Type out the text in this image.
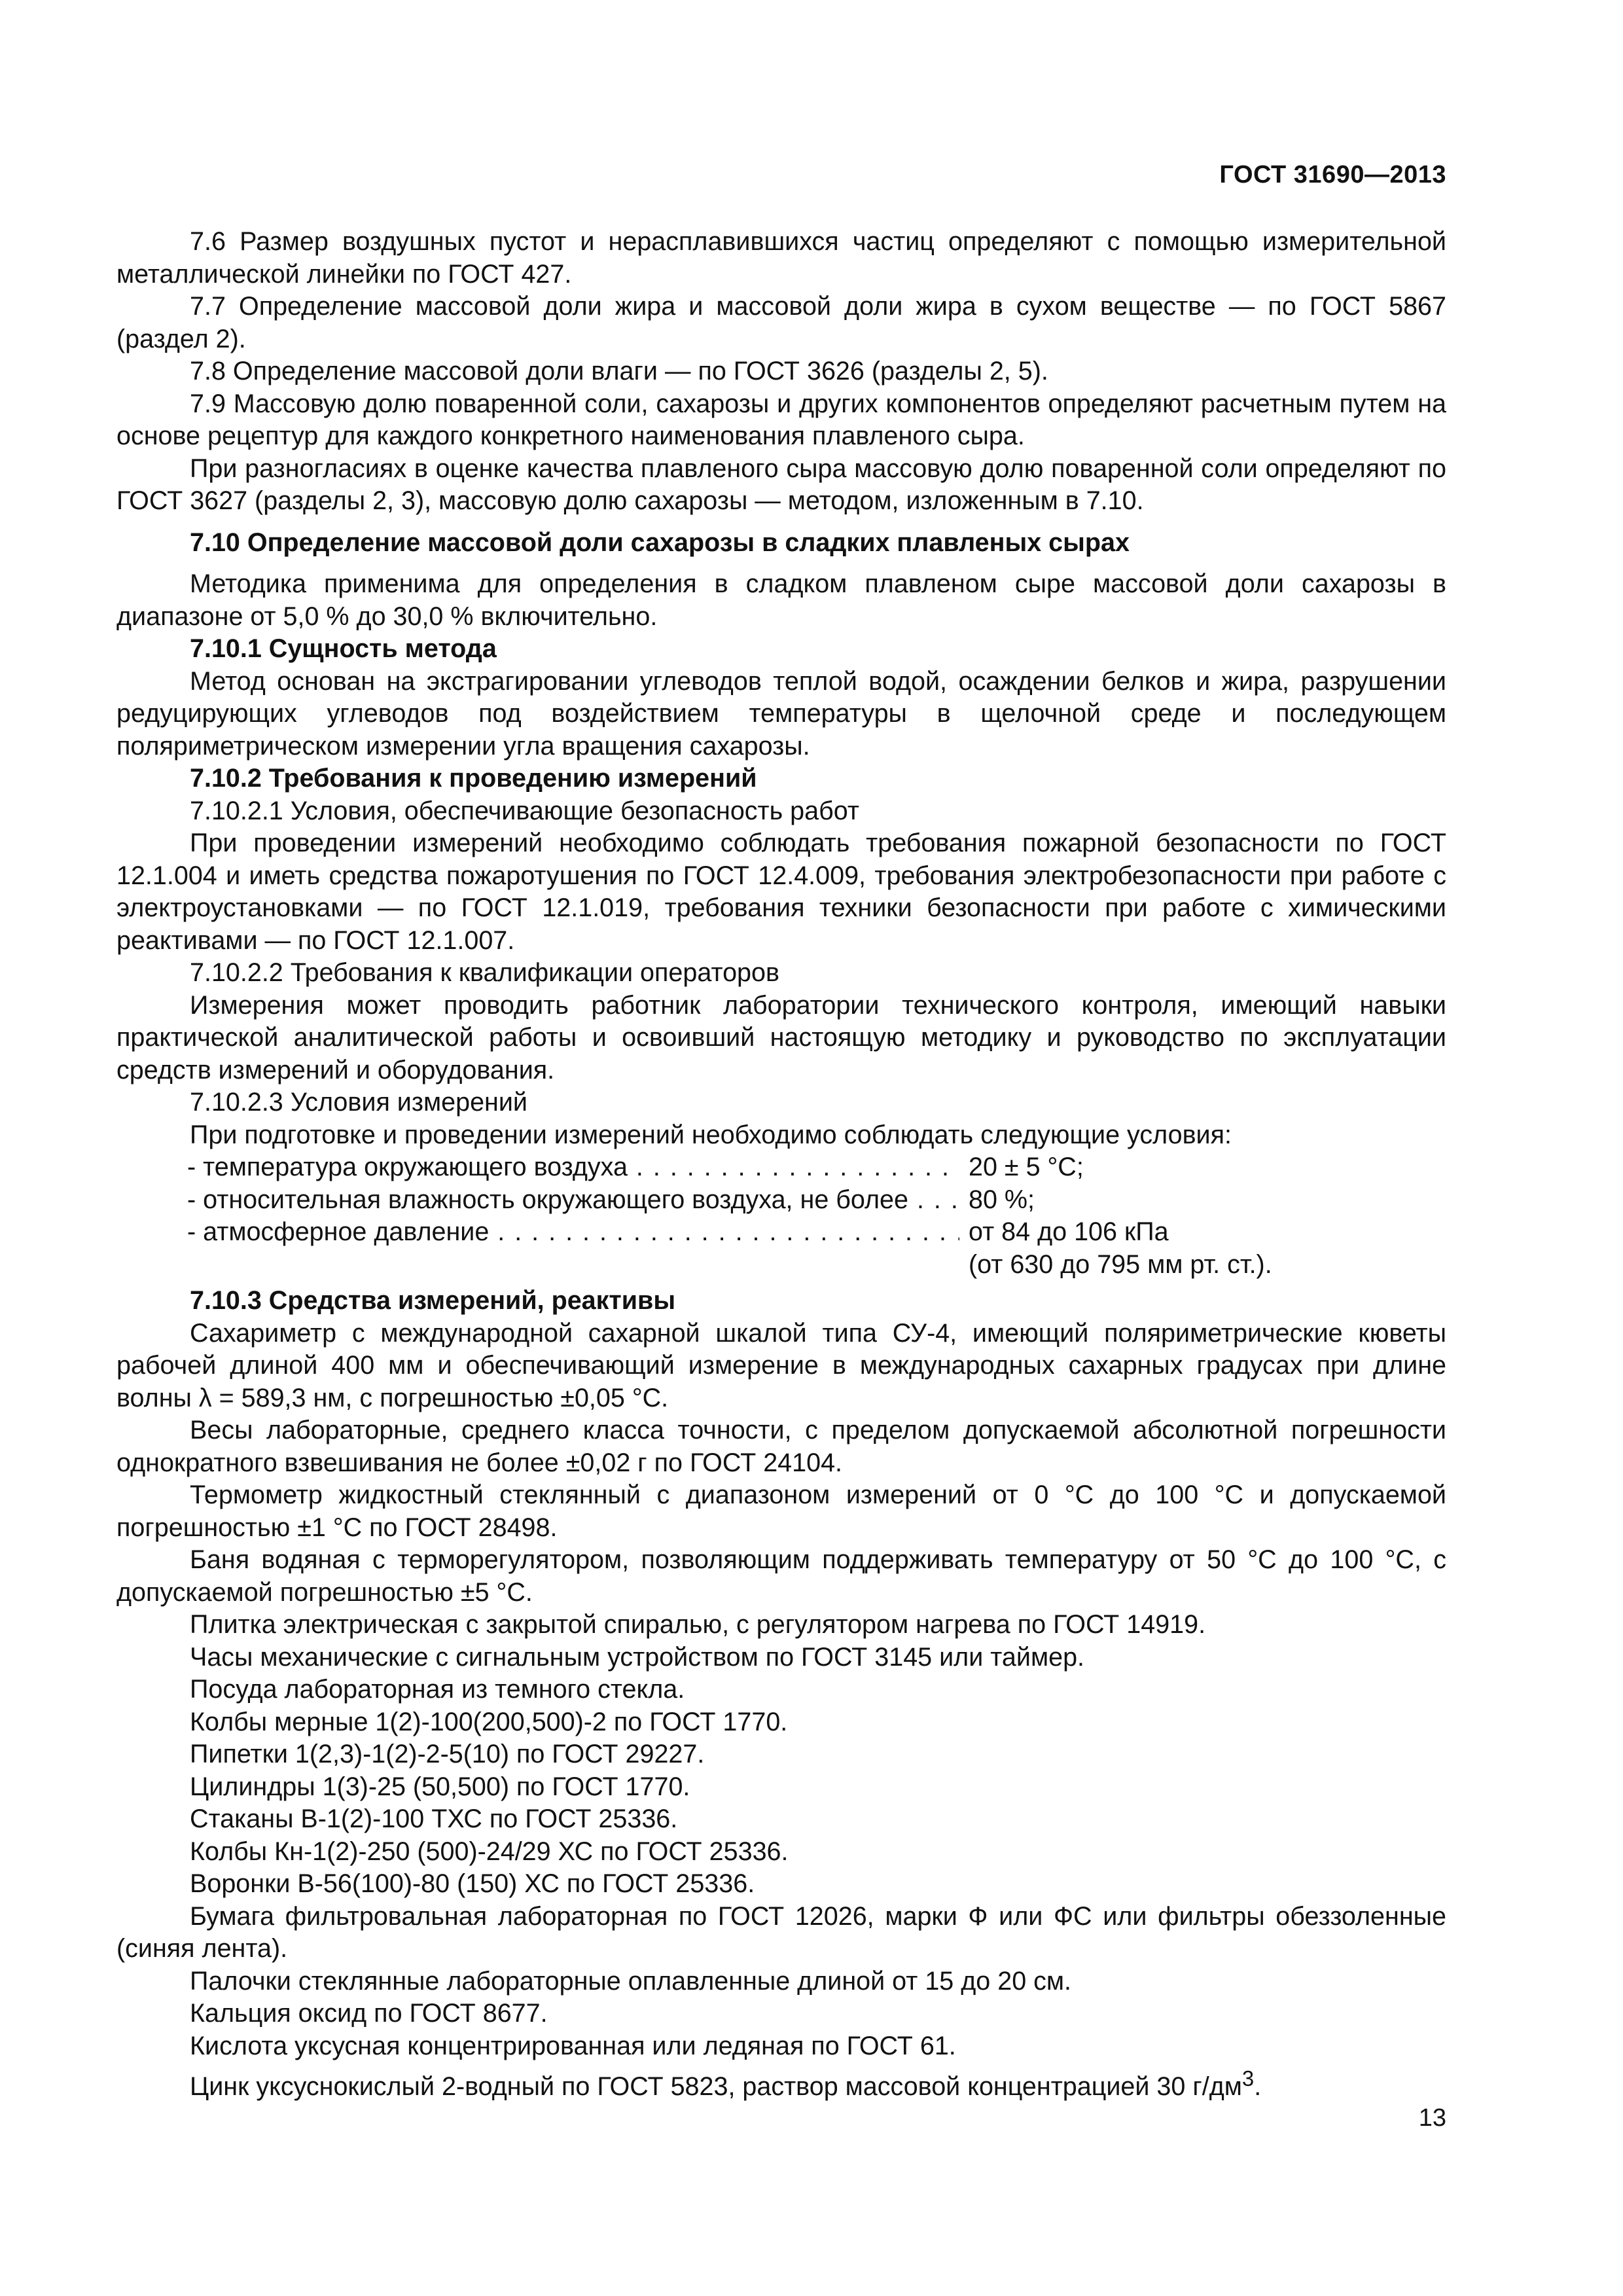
ГОСТ 31690—2013

7.6 Размер воздушных пустот и нерасплавившихся частиц определяют с помощью измерительной металлической линейки по ГОСТ 427.

7.7 Определение массовой доли жира и массовой доли жира в сухом веществе — по ГОСТ 5867 (раздел 2).

7.8 Определение массовой доли влаги — по ГОСТ 3626 (разделы 2, 5).

7.9 Массовую долю поваренной соли, сахарозы и других компонентов определяют расчетным путем на основе рецептур для каждого конкретного наименования плавленого сыра.

При разногласиях в оценке качества плавленого сыра массовую долю поваренной соли определяют по ГОСТ 3627 (разделы 2, 3), массовую долю сахарозы — методом, изложенным в 7.10.

7.10 Определение массовой доли сахарозы в сладких плавленых сырах

Методика применима для определения в сладком плавленом сыре массовой доли сахарозы в диапазоне от 5,0 % до 30,0 % включительно.

7.10.1 Сущность метода

Метод основан на экстрагировании углеводов теплой водой, осаждении белков и жира, разрушении редуцирующих углеводов под воздействием температуры в щелочной среде и последующем поляриметрическом измерении угла вращения сахарозы.

7.10.2 Требования к проведению измерений

7.10.2.1 Условия, обеспечивающие безопасность работ

При проведении измерений необходимо соблюдать требования пожарной безопасности по ГОСТ 12.1.004 и иметь средства пожаротушения по ГОСТ 12.4.009, требования электробезопасности при работе с электроустановками — по ГОСТ 12.1.019, требования техники безопасности при работе с химическими реактивами — по ГОСТ 12.1.007.

7.10.2.2 Требования к квалификации операторов

Измерения может проводить работник лаборатории технического контроля, имеющий навыки практической аналитической работы и освоивший настоящую методику и руководство по эксплуатации средств измерений и оборудования.

7.10.2.3 Условия измерений

При подготовке и проведении измерений необходимо соблюдать следующие условия:

- температура окружающего воздуха . . .	20 ± 5 °С;
- относительная влажность окружающего воздуха, не более . . .	80 %;
- атмосферное давление . . .	от 84 до 106 кПа
(от 630 до 795 мм рт. ст.).
7.10.3 Средства измерений, реактивы

Сахариметр с международной сахарной шкалой типа СУ-4, имеющий поляриметрические кюветы рабочей длиной 400 мм и обеспечивающий измерение в международных сахарных градусах при длине волны λ = 589,3 нм, с погрешностью ±0,05 °С.

Весы лабораторные, среднего класса точности, с пределом допускаемой абсолютной погрешности однократного взвешивания не более ±0,02 г по ГОСТ 24104.

Термометр жидкостный стеклянный с диапазоном измерений от 0 °С до 100 °С и допускаемой погрешностью ±1 °С по ГОСТ 28498.

Баня водяная с терморегулятором, позволяющим поддерживать температуру от 50 °С до 100 °С, с допускаемой погрешностью ±5 °С.

Плитка электрическая с закрытой спиралью, с регулятором нагрева по ГОСТ 14919.

Часы механические с сигнальным устройством по ГОСТ 3145 или таймер.

Посуда лабораторная из темного стекла.

Колбы мерные 1(2)-100(200,500)-2 по ГОСТ 1770.

Пипетки 1(2,3)-1(2)-2-5(10) по ГОСТ 29227.

Цилиндры 1(3)-25 (50,500) по ГОСТ 1770.

Стаканы В-1(2)-100 ТХС по ГОСТ 25336.

Колбы Кн-1(2)-250 (500)-24/29 ХС по ГОСТ 25336.

Воронки В-56(100)-80 (150) ХС по ГОСТ 25336.

Бумага фильтровальная лабораторная по ГОСТ 12026, марки Ф или ФС или фильтры обеззоленные (синяя лента).

Палочки стеклянные лабораторные оплавленные длиной от 15 до 20 см.

Кальция оксид по ГОСТ 8677.

Кислота уксусная концентрированная или ледяная по ГОСТ 61.

Цинк уксуснокислый 2-водный по ГОСТ 5823, раствор массовой концентрацией 30 $г/дм^3$.

13
